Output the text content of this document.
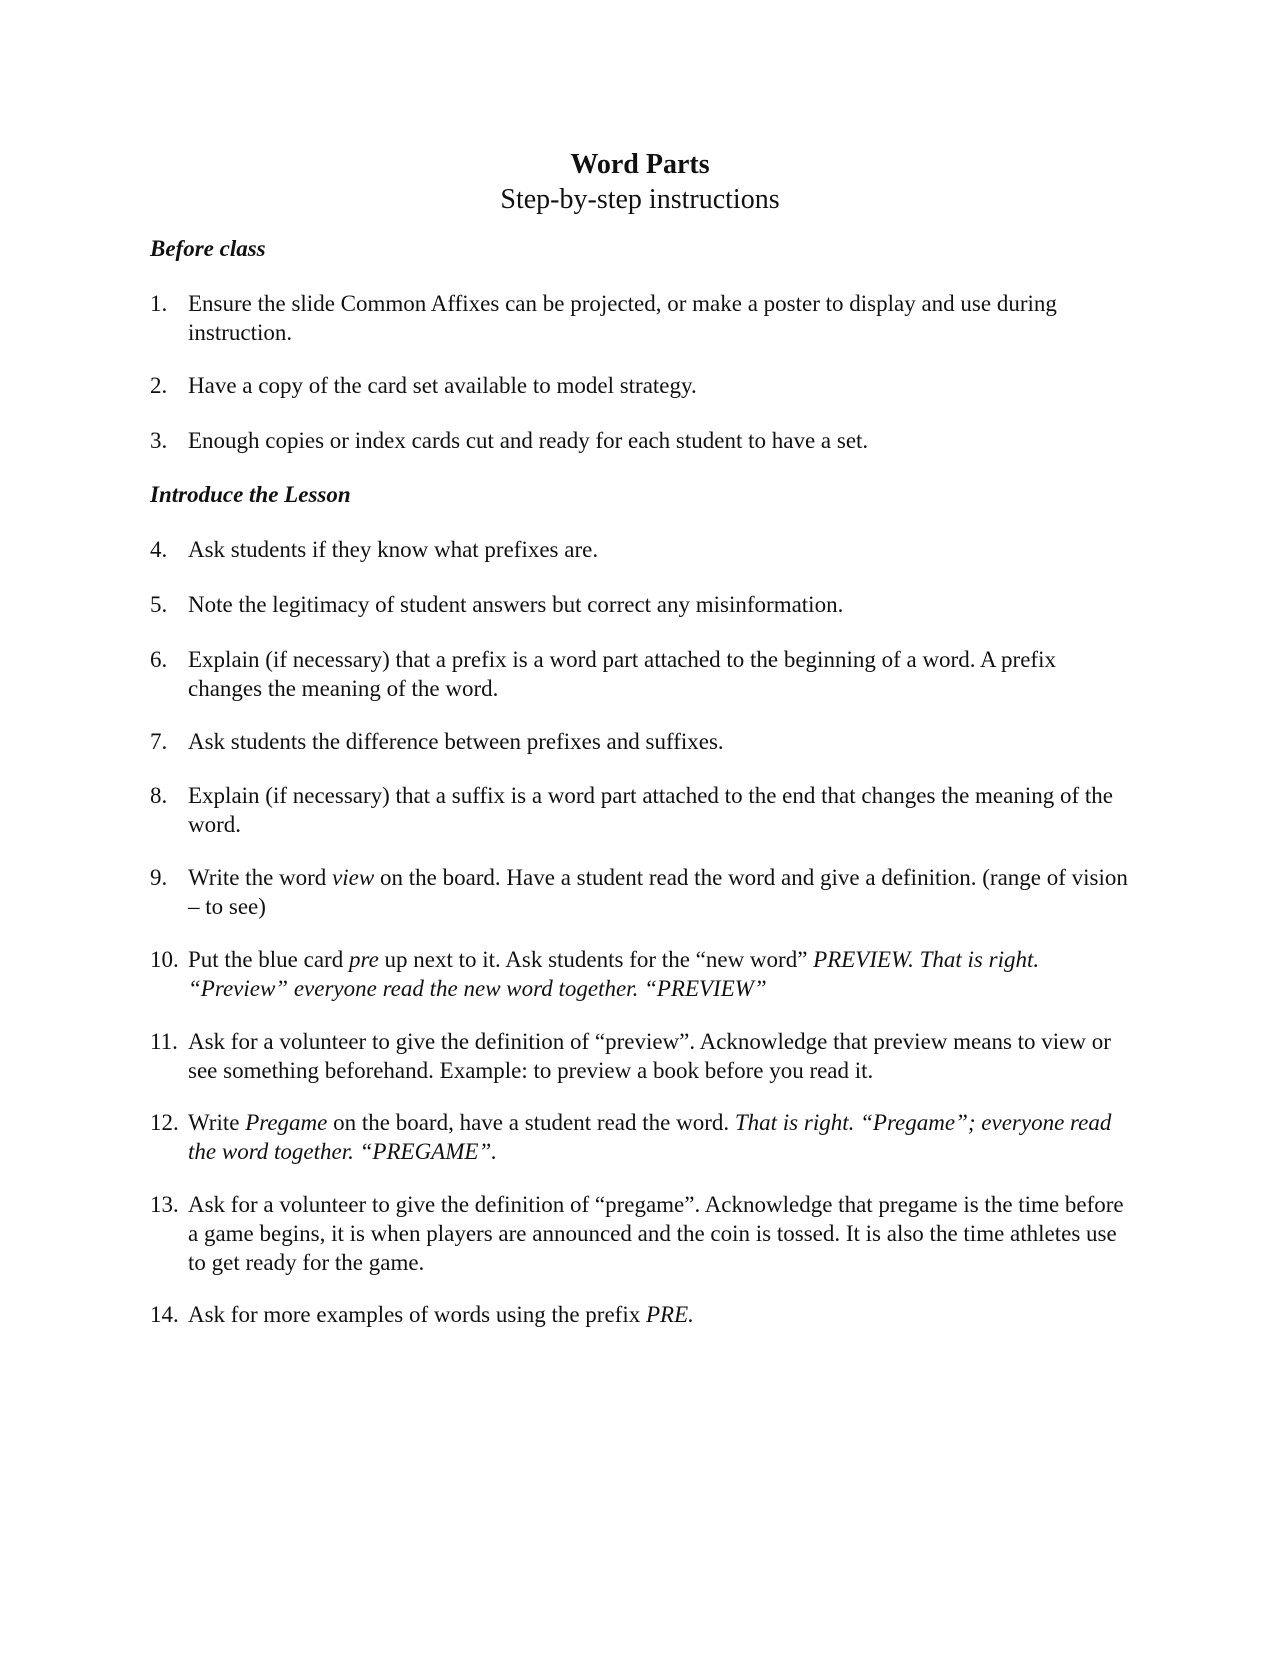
Word Parts
Step-by-step instructions
Before class
1. Ensure the slide Common Affixes can be projected, or make a poster to display and use during instruction.
2. Have a copy of the card set available to model strategy.
3. Enough copies or index cards cut and ready for each student to have a set.
Introduce the Lesson
4. Ask students if they know what prefixes are.
5. Note the legitimacy of student answers but correct any misinformation.
6. Explain (if necessary) that a prefix is a word part attached to the beginning of a word. A prefix changes the meaning of the word.
7. Ask students the difference between prefixes and suffixes.
8. Explain (if necessary) that a suffix is a word part attached to the end that changes the meaning of the word.
9. Write the word view on the board. Have a student read the word and give a definition. (range of vision – to see)
10. Put the blue card pre up next to it. Ask students for the “new word” PREVIEW. That is right. “Preview” everyone read the new word together. “PREVIEW”
11. Ask for a volunteer to give the definition of “preview”. Acknowledge that preview means to view or see something beforehand. Example: to preview a book before you read it.
12. Write Pregame on the board, have a student read the word. That is right. “Pregame”; everyone read the word together. “PREGAME”.
13. Ask for a volunteer to give the definition of “pregame”. Acknowledge that pregame is the time before a game begins, it is when players are announced and the coin is tossed. It is also the time athletes use to get ready for the game.
14. Ask for more examples of words using the prefix PRE.
